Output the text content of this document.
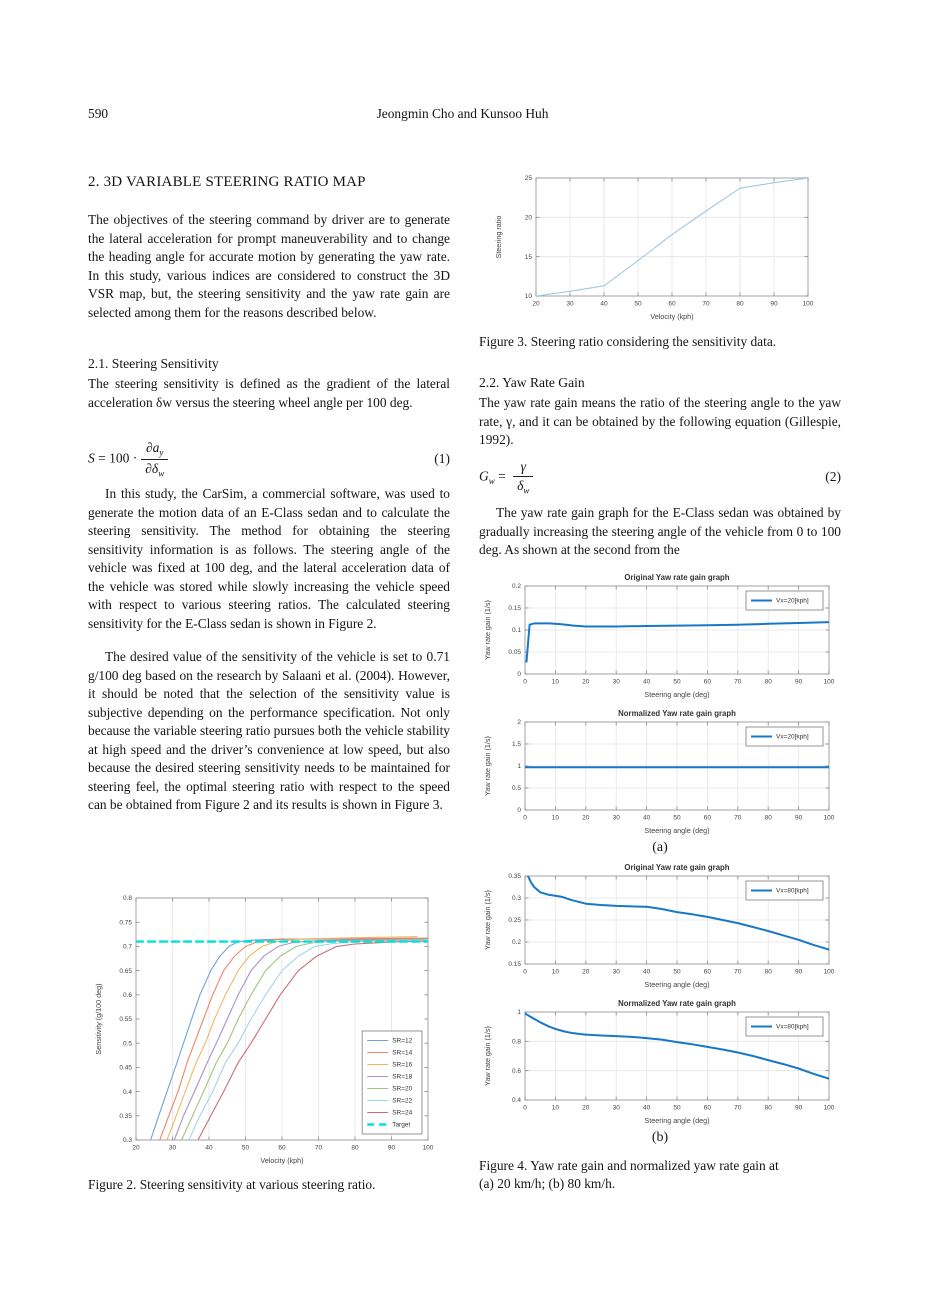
590	Jeongmin Cho and Kunsoo Huh
2. 3D VARIABLE STEERING RATIO MAP

The objectives of the steering command by driver are to generate the lateral acceleration for prompt maneuverability and to change the heading angle for accurate motion by generating the yaw rate. In this study, various indices are considered to construct the 3D VSR map, but, the steering sensitivity and the yaw rate gain are selected among them for the reasons described below.

2.1. Steering Sensitivity

The steering sensitivity is defined as the gradient of the lateral acceleration δw versus the steering wheel angle per 100 deg.

$S = 100 \cdot \frac{\partial a_y}{\partial\delta_w}$	(1)

In this study, the CarSim, a commercial software, was used to generate the motion data of an E-Class sedan and to calculate the steering sensitivity. The method for obtaining the steering sensitivity information is as follows. The steering angle of the vehicle was fixed at 100 deg, and the lateral acceleration data of the vehicle was stored while slowly increasing the vehicle speed with respect to various steering ratios. The calculated steering sensitivity for the E-Class sedan is shown in Figure 2.

The desired value of the sensitivity of the vehicle is set to 0.71 g/100 deg based on the research by Salaani et al. (2004). However, it should be noted that the selection of the sensitivity value is subjective depending on the performance specification. Not only because the variable steering ratio pursues both the vehicle stability at high speed and the driver’s convenience at low speed, but also because the desired steering sensitivity needs to be maintained for steering feel, the optimal steering ratio with respect to the speed can be obtained from Figure 2 and its results is shown in Figure 3.

20	30	40	50	60	70	80	90	100
0.3
0.35
0.4
0.45
0.5
0.55
0.6
0.65
0.7
0.75
0.8
Velocity (kph)
Sensitivity (g/100 deg)	SR=12
SR=14
SR=16
SR=18
SR=20
SR=22
SR=24
Target
Figure 2. Steering sensitivity at various steering ratio.
20	30	40	50	60	70	80	90	100
10
15
20
25
Velocity (kph)
Steering ratio
Figure 3. Steering ratio considering the sensitivity data.
2.2. Yaw Rate Gain

The yaw rate gain means the ratio of the steering angle to the yaw rate, γ, and it can be obtained by the following equation (Gillespie, 1992).

$G_w = \frac{\gamma}{\delta_w}$	(2)

The yaw rate gain graph for the E-Class sedan was obtained by gradually increasing the steering angle of the vehicle from 0 to 100 deg. As shown at the second from the

0	10	20	30	40	50	60	70	80	90	100
0
0.05
0.1
0.15
0.2
Original Yaw rate gain graph
Steering angle (deg)
Yaw rate gain (1/s)	Vx=20[kph]
0	10	20	30	40	50	60	70	80	90	100
0
0.5
1
1.5
2
Normalized Yaw rate gain graph
Steering angle (deg)
Yaw rate gain (1/s)	Vx=20[kph]
(a)
0	10	20	30	40	50	60	70	80	90	100
0.15
0.2
0.25
0.3
0.35
Original Yaw rate gain graph
Steering angle (deg)
Yaw rate gain (1/s)	Vx=80[kph]
0	10	20	30	40	50	60	70	80	90	100
0.4
0.6
0.8
1
Normalized Yaw rate gain graph
Steering angle (deg)
Yaw rate gain (1/s)	Vx=80[kph]
(b)
Figure 4. Yaw rate gain and normalized yaw rate gain at
(a) 20 km/h; (b) 80 km/h.
